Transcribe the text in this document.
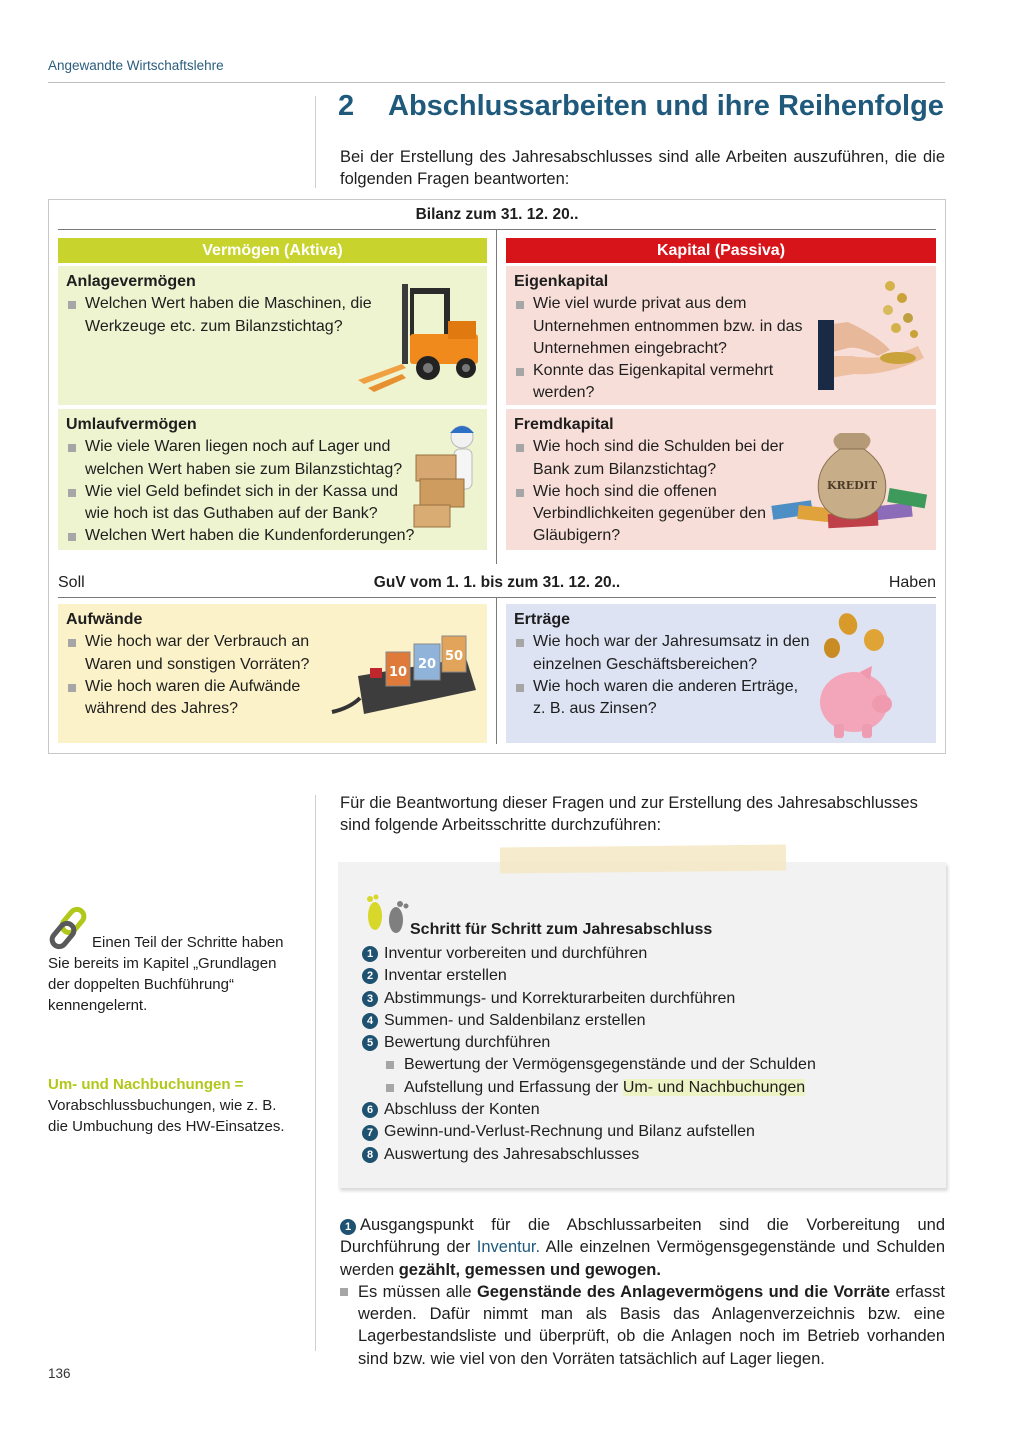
Angewandte Wirtschaftslehre
2 Abschlussarbeiten und ihre Reihenfolge
Bei der Erstellung des Jahresabschlusses sind alle Arbeiten auszuführen, die die folgenden Fragen beantworten:
Bilanz zum 31. 12. 20..
Vermögen (Aktiva)	Kapital (Passiva)
Anlagevermögen
Welchen Wert haben die Maschinen, die Werkzeuge etc. zum Bilanzstichtag?
Umlaufvermögen
Wie viele Waren liegen noch auf Lager und welchen Wert haben sie zum Bilanzstichtag?
Wie viel Geld befindet sich in der Kassa und wie hoch ist das Guthaben auf der Bank?
Welchen Wert haben die Kundenforderungen?
Eigenkapital
Wie viel wurde privat aus dem Unternehmen entnommen bzw. in das Unternehmen eingebracht?
Konnte das Eigenkapital vermehrt werden?
Fremdkapital
Wie hoch sind die Schulden bei der Bank zum Bilanzstichtag?
Wie hoch sind die offenen Verbindlichkeiten gegenüber den Gläubigern?
KREDIT
Soll	GuV vom 1. 1. bis zum 31. 12. 20..	Haben
Aufwände
Wie hoch war der Verbrauch an Waren und sonstigen Vorräten?
Wie hoch waren die Aufwände während des Jahres?
10
20
50
Erträge
Wie hoch war der Jahresumsatz in den einzelnen Geschäftsbereichen?
Wie hoch waren die anderen Erträge, z. B. aus Zinsen?
Für die Beantwortung dieser Fragen und zur Erstellung des Jahresabschlusses sind folgende Arbeitsschritte durchzuführen:
Schritt für Schritt zum Jahresabschluss
1 Inventur vorbereiten und durchführen
2 Inventar erstellen
3 Abstimmungs- und Korrekturarbeiten durchführen
4 Summen- und Saldenbilanz erstellen
5 Bewertung durchführen
Bewertung der Vermögensgegenstände und der Schulden
Aufstellung und Erfassung der Um- und Nachbuchungen
6 Abschluss der Konten
7 Gewinn-und-Verlust-Rechnung und Bilanz aufstellen
8 Auswertung des Jahresabschlusses
Einen Teil der Schritte haben Sie bereits im Kapitel „Grundlagen der doppelten Buchführung“ kennengelernt.
Um- und Nachbuchungen = Vorabschlussbuchungen, wie z. B. die Umbuchung des HW-Einsatzes.
1 Ausgangspunkt für die Abschlussarbeiten sind die Vorbereitung und Durchführung der Inventur. Alle einzelnen Vermögensgegenstände und Schulden werden gezählt, gemessen und gewogen.
Es müssen alle Gegenstände des Anlagevermögens und die Vorräte erfasst werden. Dafür nimmt man als Basis das Anlagenverzeichnis bzw. eine Lagerbestandsliste und überprüft, ob die Anlagen noch im Betrieb vorhanden sind bzw. wie viel von den Vorräten tatsächlich auf Lager liegen.
136
